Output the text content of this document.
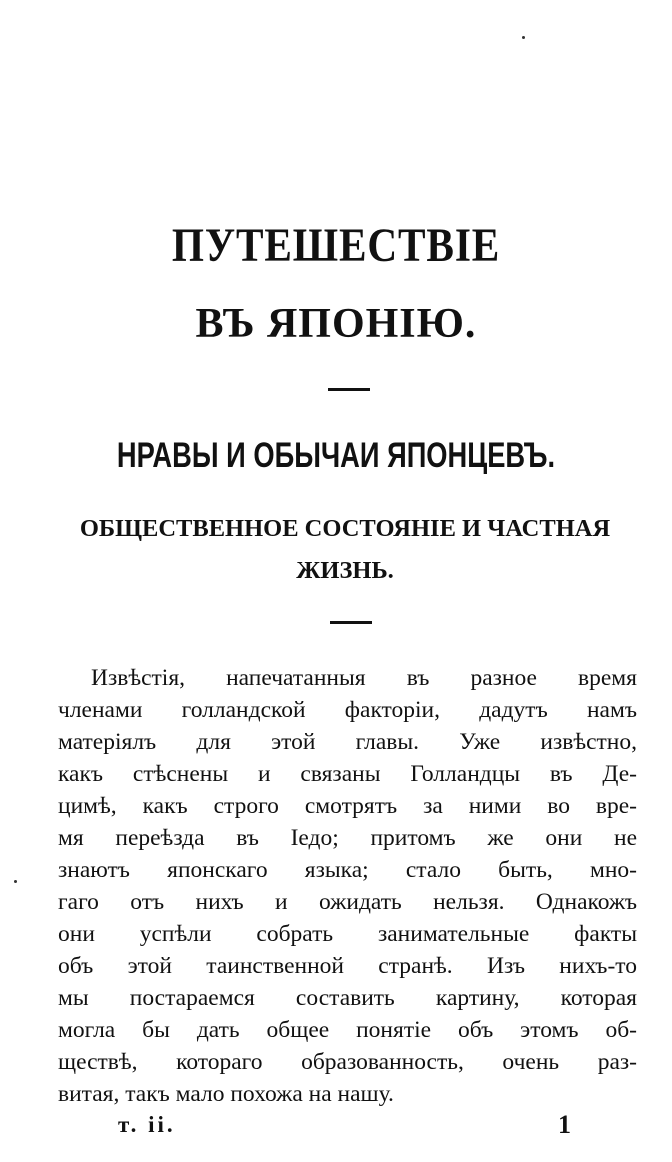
ПУТЕШЕСТВІЕ
ВЪ ЯПОНІЮ.
НРАВЫ И ОБЫЧАИ ЯПОНЦЕВЪ.
ОБЩЕСТВЕННОЕ СОСТОЯНІЕ И ЧАСТНАЯ ЖИЗНЬ.
Извѣстія, напечатанныя въ разное время
членами голландской факторіи, дадутъ намъ
матеріялъ для этой главы. Уже извѣстно,
какъ стѣснены и связаны Голландцы въ Де-
цимѣ, какъ строго смотрятъ за ними во вре-
мя переѣзда въ Іедо; притомъ же они не
знаютъ японскаго языка; стало быть, мно-
гаго отъ нихъ и ожидать нельзя. Однакожъ
они успѣли собрать занимательные факты
объ этой таинственной странѣ. Изъ нихъ-то
мы постараемся составить картину, которая
могла бы дать общее понятіе объ этомъ об-
ществѣ, котораго образованность, очень раз-
витая, такъ мало похожа на нашу.
т. ii.	1
